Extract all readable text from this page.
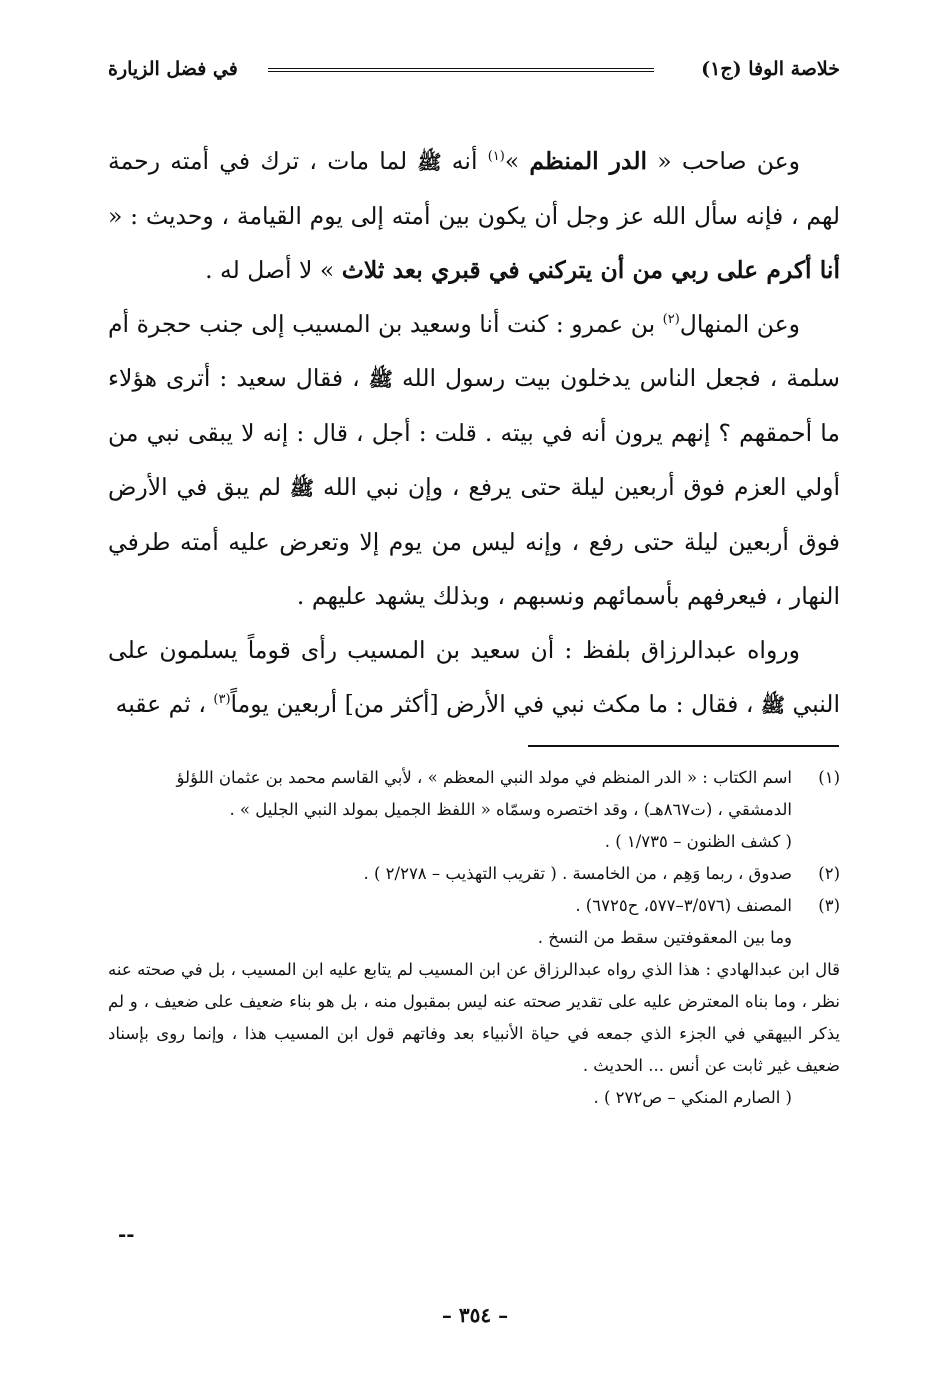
خلاصة الوفا (ج١)
في فضل الزيارة

وعن صاحب « الدر المنظم »$^{(١)}$ أنه ﷺ لما مات ، ترك في أمته رحمة لهم ، فإنه سأل الله عز وجل أن يكون بين أمته إلى يوم القيامة ، وحديث : « أنا أكرم على ربي من أن يتركني في قبري بعد ثلاث » لا أصل له .

وعن المنهال$^{(٢)}$ بن عمرو : كنت أنا وسعيد بن المسيب إلى جنب حجرة أم سلمة ، فجعل الناس يدخلون بيت رسول الله ﷺ ، فقال سعيد : أترى هؤلاء ما أحمقهم ؟ إنهم يرون أنه في بيته . قلت : أجل ، قال : إنه لا يبقى نبي من أولي العزم فوق أربعين ليلة حتى يرفع ، وإن نبي الله ﷺ لم يبق في الأرض فوق أربعين ليلة حتى رفع ، وإنه ليس من يوم إلا وتعرض عليه أمته طرفي النهار ، فيعرفهم بأسمائهم ونسبهم ، وبذلك يشهد عليهم .

ورواه عبدالرزاق بلفظ : أن سعيد بن المسيب رأى قوماً يسلمون على النبي ﷺ ، فقال : ما مكث نبي في الأرض [أكثر من] أربعين يوماً$^{(٣)}$ ، ثم عقبه

(١)
اسم الكتاب : « الدر المنظم في مولد النبي المعظم » ، لأبي القاسم محمد بن عثمان اللؤلؤ
الدمشقي ، (ت٨٦٧هـ) ، وقد اختصره وسمّاه « اللفظ الجميل بمولد النبي الجليل » .
( كشف الظنون – ١/٧٣٥ ) .
(٢)
صدوق ، ربما وَهِم ، من الخامسة . ( تقريب التهذيب – ٢/٢٧٨ ) .
(٣)
المصنف (٣/٥٧٦–٥٧٧، ح٦٧٢٥) .
وما بين المعقوفتين سقط من النسخ .
قال ابن عبدالهادي : هذا الذي رواه عبدالرزاق عن ابن المسيب لم يتابع عليه ابن المسيب ، بل في صحته عنه نظر ، وما بناه المعترض عليه على تقدير صحته عنه ليس بمقبول منه ، بل هو بناء ضعيف على ضعيف ، و لم يذكر البيهقي في الجزء الذي جمعه في حياة الأنبياء بعد وفاتهم قول ابن المسيب هذا ، وإنما روى بإسناد ضعيف غير ثابت عن أنس ... الحديث .
( الصارم المنكي – ص٢٧٢ ) .
--
– ٣٥٤ –
